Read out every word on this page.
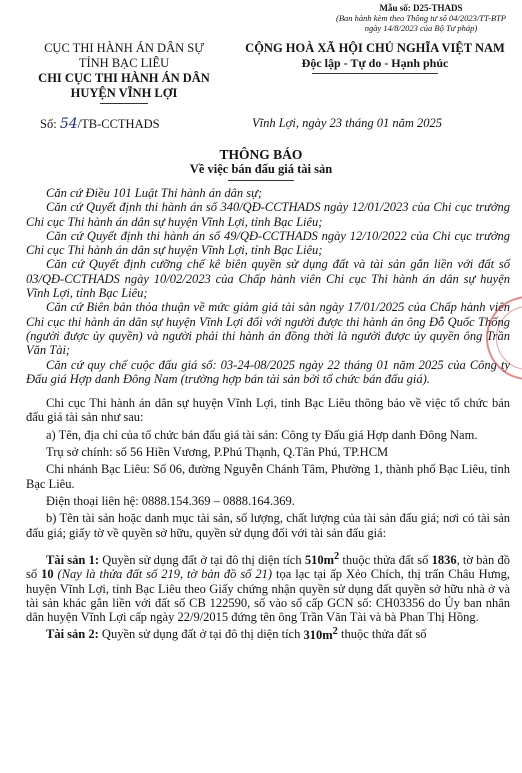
Mẫu số: D25-THADS
(Ban hành kèm theo Thông tư số 04/2023/TT-BTP
ngày 14/8/2023 của Bộ Tư pháp)
CỤC THI HÀNH ÁN DÂN SỰ
TỈNH BẠC LIÊU
CHI CỤC THI HÀNH ÁN DÂN
HUYỆN VĨNH LỢI
CỘNG HOÀ XÃ HỘI CHỦ NGHĨA VIỆT NAM
Độc lập - Tự do - Hạnh phúc
Số: 54/TB-CCTHADS	Vĩnh Lợi, ngày 23 tháng 01 năm 2025
THÔNG BÁO
Về việc bán đấu giá tài sản

Căn cứ Điều 101 Luật Thi hành án dân sự;

Căn cứ Quyết định thi hành án số 340/QĐ-CCTHADS ngày 12/01/2023 của Chi cục trưởng Chi cục Thi hành án dân sự huyện Vĩnh Lợi, tỉnh Bạc Liêu;

Căn cứ Quyết định thi hành án số 49/QĐ-CCTHADS ngày 12/10/2022 của Chi cục trưởng Chi cục Thi hành án dân sự huyện Vĩnh Lợi, tỉnh Bạc Liêu;

Căn cứ Quyết định cưỡng chế kê biên quyền sử dụng đất và tài sản gắn liền với đất số 03/QĐ-CCTHADS ngày 10/02/2023 của Chấp hành viên Chi cục Thi hành án dân sự huyện Vĩnh Lợi, tỉnh Bạc Liêu;

Căn cứ Biên bản thỏa thuận về mức giảm giá tài sản ngày 17/01/2025 của Chấp hành viên Chi cục thi hành án dân sự huyện Vĩnh Lợi đối với người được thi hành án ông Đỗ Quốc Thống (người được ủy quyền) và người phải thi hành án đồng thời là người được ủy quyền ông Trần Văn Tài;

Căn cứ quy chế cuộc đấu giá số: 03-24-08/2025 ngày 22 tháng 01 năm 2025 của Công ty Đấu giá Hợp danh Đông Nam (trường hợp bán tài sản bởi tổ chức bán đấu giá).

Chi cục Thi hành án dân sự huyện Vĩnh Lợi, tỉnh Bạc Liêu thông báo về việc tổ chức bán đấu giá tài sản như sau:

a) Tên, địa chỉ của tổ chức bán đấu giá tài sản: Công ty Đấu giá Hợp danh Đông Nam.

Trụ sở chính: số 56 Hiền Vương, P.Phú Thạnh, Q.Tân Phú, TP.HCM

Chi nhánh Bạc Liêu: Số 06, đường Nguyễn Chánh Tâm, Phường 1, thành phố Bạc Liêu, tỉnh Bạc Liêu.

Điện thoại liên hệ: 0888.154.369 – 0888.164.369.

b) Tên tài sản hoặc danh mục tài sản, số lượng, chất lượng của tài sản đấu giá; nơi có tài sản đấu giá; giấy tờ về quyền sở hữu, quyền sử dụng đối với tài sản đấu giá:

Tài sản 1: Quyền sử dụng đất ở tại đô thị diện tích $510m^2$ thuộc thửa đất số 1836, tờ bản đồ số 10 (Nay là thửa đất số 219, tờ bản đồ số 21) tọa lạc tại ấp Xẻo Chích, thị trấn Châu Hưng, huyện Vĩnh Lợi, tỉnh Bạc Liêu theo Giấy chứng nhận quyền sử dụng đất quyền sở hữu nhà ở và tài sản khác gắn liền với đất số CB 122590, số vào sổ cấp GCN số: CH03356 do Ủy ban nhân dân huyện Vĩnh Lợi cấp ngày 22/9/2015 đứng tên ông Trần Văn Tài và bà Phan Thị Hồng.

Tài sản 2: Quyền sử dụng đất ở tại đô thị diện tích $310m^2$ thuộc thửa đất số
